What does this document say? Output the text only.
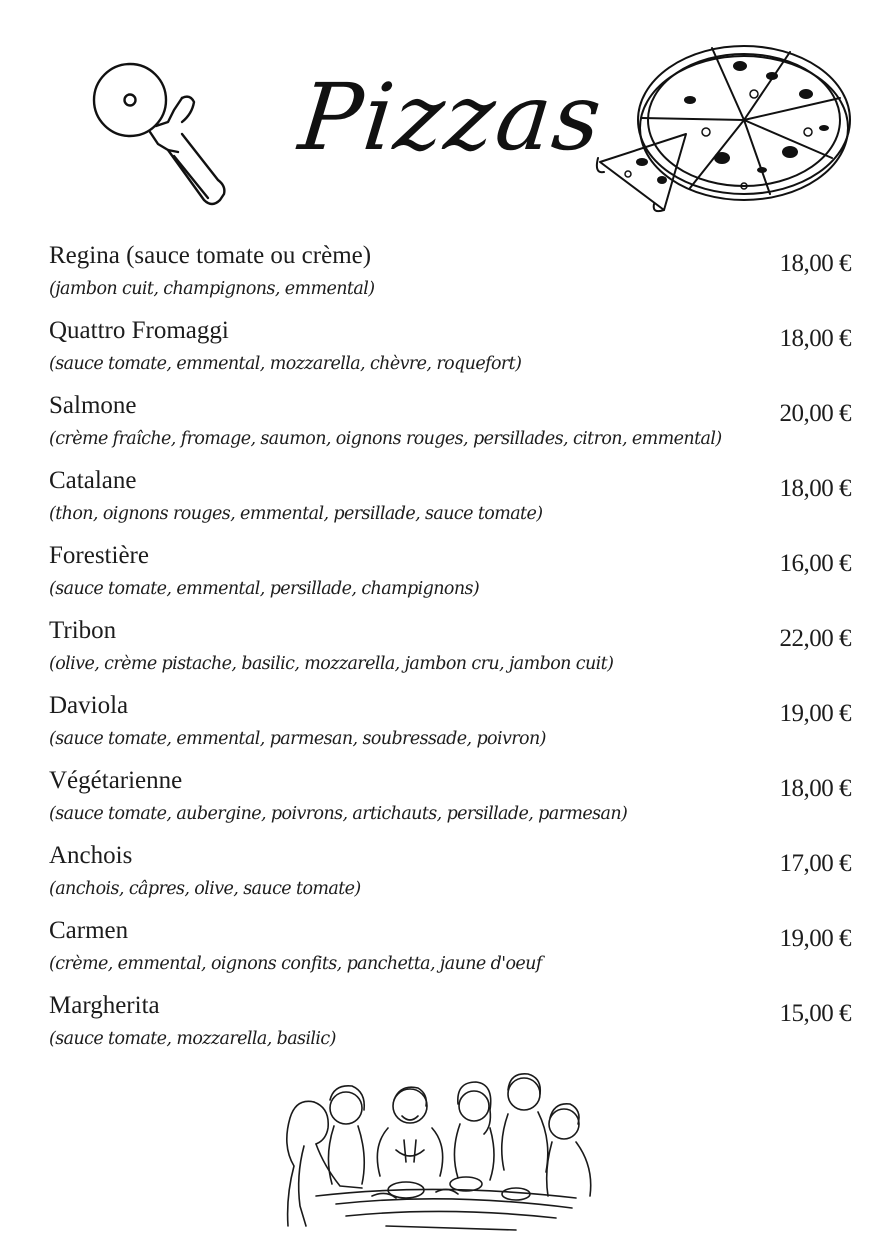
Pizzas
Regina (sauce tomate ou crème)	18,00 €
(jambon cuit, champignons, emmental)
Quattro Fromaggi	18,00 €
(sauce tomate, emmental, mozzarella, chèvre, roquefort)
Salmone	20,00 €
(crème fraîche, fromage, saumon, oignons rouges, persillades, citron, emmental)
Catalane	18,00 €
(thon, oignons rouges, emmental, persillade, sauce tomate)
Forestière	16,00 €
(sauce tomate, emmental, persillade, champignons)
Tribon	22,00 €
(olive, crème pistache, basilic, mozzarella, jambon cru, jambon cuit)
Daviola	19,00 €
(sauce tomate, emmental, parmesan, soubressade, poivron)
Végétarienne	18,00 €
(sauce tomate, aubergine, poivrons, artichauts, persillade, parmesan)
Anchois	17,00 €
(anchois, câpres, olive, sauce tomate)
Carmen	19,00 €
(crème, emmental, oignons confits, panchetta, jaune d'oeuf
Margherita	15,00 €
(sauce tomate, mozzarella, basilic)
